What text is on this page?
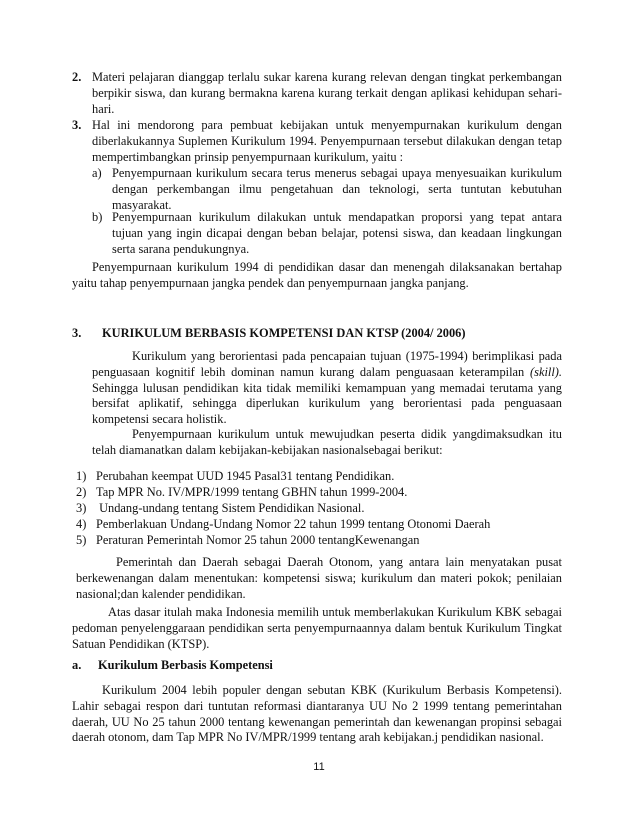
2. Materi pelajaran dianggap terlalu sukar karena kurang relevan dengan tingkat perkembangan berpikir siswa, dan kurang bermakna karena kurang terkait dengan aplikasi kehidupan sehari-hari.
3. Hal ini mendorong para pembuat kebijakan untuk menyempurnakan kurikulum dengan diberlakukannya Suplemen Kurikulum 1994. Penyempurnaan tersebut dilakukan dengan tetap mempertimbangkan prinsip penyempurnaan kurikulum, yaitu :
a) Penyempurnaan kurikulum secara terus menerus sebagai upaya menyesuaikan kurikulum dengan perkembangan ilmu pengetahuan dan teknologi, serta tuntutan kebutuhan masyarakat.
b) Penyempurnaan kurikulum dilakukan untuk mendapatkan proporsi yang tepat antara tujuan yang ingin dicapai dengan beban belajar, potensi siswa, dan keadaan lingkungan serta sarana pendukungnya.

Penyempurnaan kurikulum 1994 di pendidikan dasar dan menengah dilaksanakan bertahap yaitu tahap penyempurnaan jangka pendek dan penyempurnaan jangka panjang.

3. KURIKULUM BERBASIS KOMPETENSI DAN KTSP (2004/ 2006)

Kurikulum yang berorientasi pada pencapaian tujuan (1975-1994) berimplikasi pada penguasaan kognitif lebih dominan namun kurang dalam penguasaan keterampilan (skill). Sehingga lulusan pendidikan kita tidak memiliki kemampuan yang memadai terutama yang bersifat aplikatif, sehingga diperlukan kurikulum yang berorientasi pada penguasaan kompetensi secara holistik.

Penyempurnaan kurikulum untuk mewujudkan peserta didik yangdimaksudkan itu telah diamanatkan dalam kebijakan-kebijakan nasionalsebagai berikut:

1) Perubahan keempat UUD 1945 Pasal31 tentang Pendidikan.
2) Tap MPR No. IV/MPR/1999 tentang GBHN tahun 1999-2004.
3) Undang-undang tentang Sistem Pendidikan Nasional.
4) Pemberlakuan Undang-Undang Nomor 22 tahun 1999 tentang Otonomi Daerah
5) Peraturan Pemerintah Nomor 25 tahun 2000 tentangKewenangan

Pemerintah dan Daerah sebagai Daerah Otonom, yang antara lain menyatakan pusat berkewenangan dalam menentukan: kompetensi siswa; kurikulum dan materi pokok; penilaian nasional;dan kalender pendidikan.

Atas dasar itulah maka Indonesia memilih untuk memberlakukan Kurikulum KBK sebagai pedoman penyelenggaraan pendidikan serta penyempurnaannya dalam bentuk Kurikulum Tingkat Satuan Pendidikan (KTSP).

a. Kurikulum Berbasis Kompetensi

Kurikulum 2004 lebih populer dengan sebutan KBK (Kurikulum Berbasis Kompetensi). Lahir sebagai respon dari tuntutan reformasi diantaranya UU No 2 1999 tentang pemerintahan daerah, UU No 25 tahun 2000 tentang kewenangan pemerintah dan kewenangan propinsi sebagai daerah otonom, dam Tap MPR No IV/MPR/1999 tentang arah kebijakan.j pendidikan nasional.

11
